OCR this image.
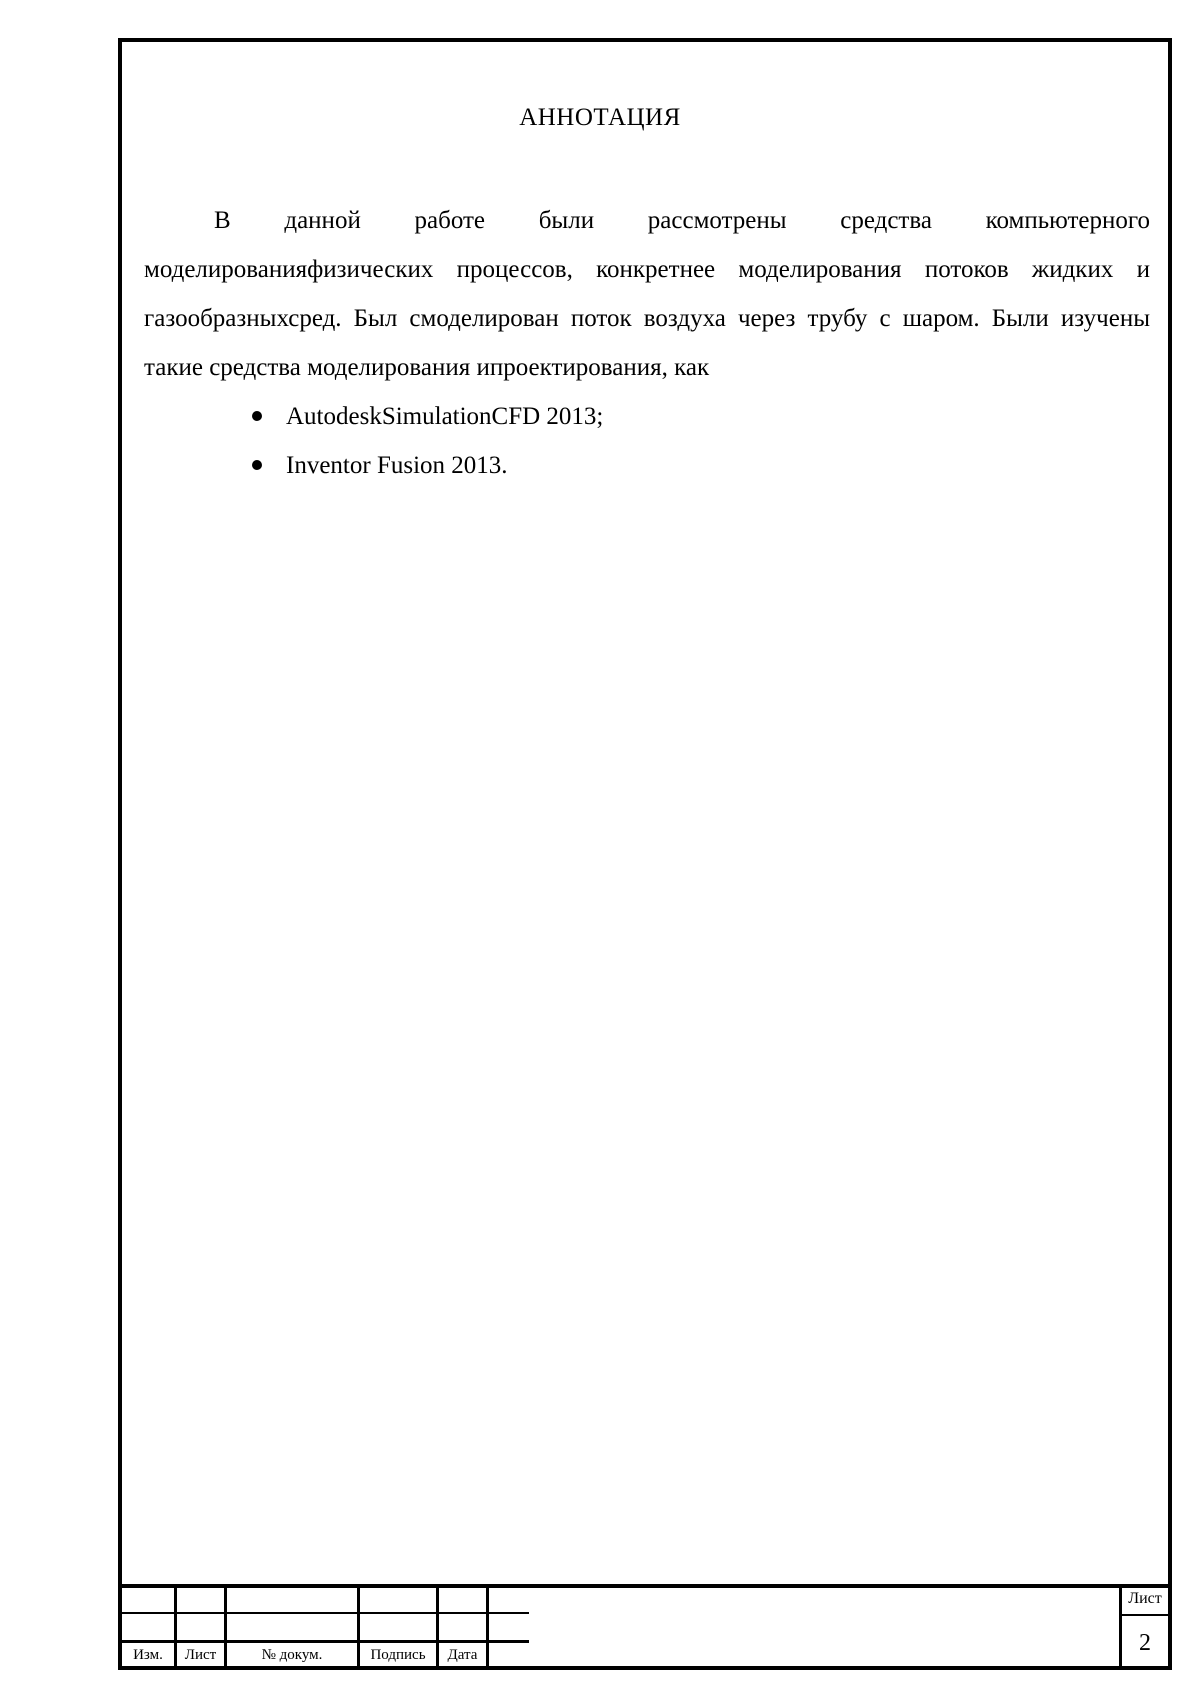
Изм.	Лист	№ докум.	Подпись	Дата
Лист
2
АННОТАЦИЯ

В данной работе были рассмотрены средства компьютерного моделированияфизических процессов, конкретнее моделирования потоков жидких и газообразныхсред. Был смоделирован поток воздуха через трубу с шаром. Были изучены такие средства моделирования ипроектирования, как

AutodeskSimulationCFD 2013;
Inventor Fusion 2013.
